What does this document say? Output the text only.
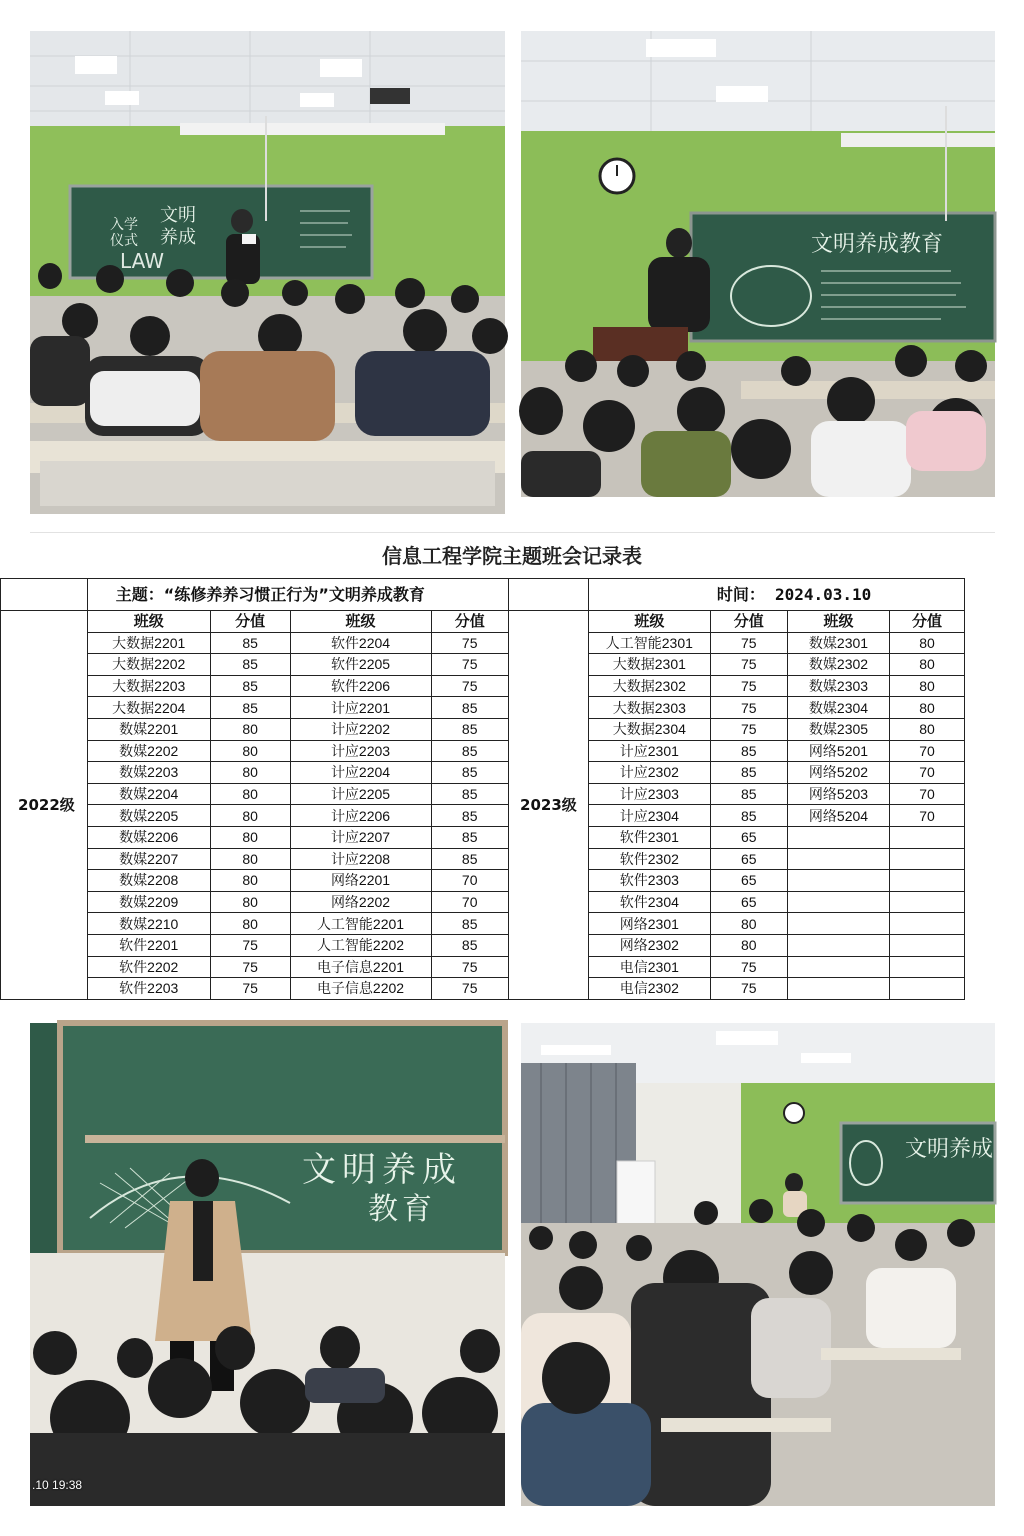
入学
仪式
文明
养成
LAW
文明养成教育
信息工程学院主题班会记录表
	主题：“练修养养习惯正行为”文明养成教育					时间： 2024.03.10			
2022级	班级	分值	班级	分值	2023级	班级	分值	班级	分值
	大数据2201	85	软件2204	75		人工智能2301	75	数媒2301	80
	大数据2202	85	软件2205	75		大数据2301	75	数媒2302	80
	大数据2203	85	软件2206	75		大数据2302	75	数媒2303	80
	大数据2204	85	计应2201	85		大数据2303	75	数媒2304	80
	数媒2201	80	计应2202	85		大数据2304	75	数媒2305	80
	数媒2202	80	计应2203	85		计应2301	85	网络5201	70
	数媒2203	80	计应2204	85		计应2302	85	网络5202	70
	数媒2204	80	计应2205	85		计应2303	85	网络5203	70
	数媒2205	80	计应2206	85		计应2304	85	网络5204	70
	数媒2206	80	计应2207	85		软件2301	65		
	数媒2207	80	计应2208	85		软件2302	65		
	数媒2208	80	网络2201	70		软件2303	65		
	数媒2209	80	网络2202	70		软件2304	65		
	数媒2210	80	人工智能2201	85		网络2301	80		
	软件2201	75	人工智能2202	85		网络2302	80		
	软件2202	75	电子信息2201	75		电信2301	75		
	软件2203	75	电子信息2202	75		电信2302	75		
文明养成
教育
.10 19:38
文明养成
